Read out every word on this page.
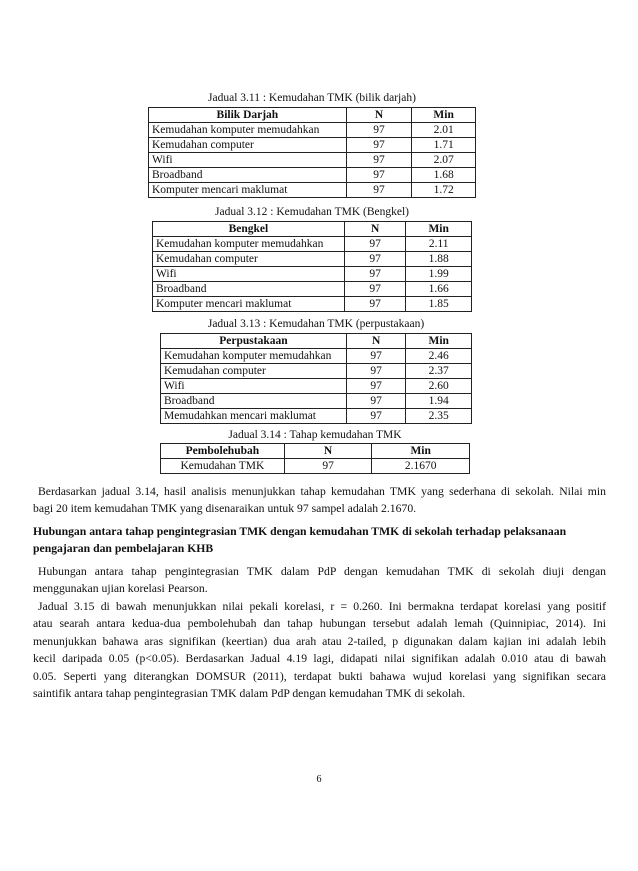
Jadual 3.11 : Kemudahan TMK (bilik darjah)
Bilik Darjah	N	Min
Kemudahan komputer memudahkan	97	2.01
Kemudahan computer	97	1.71
Wifi	97	2.07
Broadband	97	1.68
Komputer mencari maklumat	97	1.72
Jadual 3.12 : Kemudahan TMK (Bengkel)
Bengkel	N	Min
Kemudahan komputer memudahkan	97	2.11
Kemudahan computer	97	1.88
Wifi	97	1.99
Broadband	97	1.66
Komputer mencari maklumat	97	1.85
Jadual 3.13 : Kemudahan TMK (perpustakaan)
Perpustakaan	N	Min
Kemudahan komputer memudahkan	97	2.46
Kemudahan computer	97	2.37
Wifi	97	2.60
Broadband	97	1.94
Memudahkan mencari maklumat	97	2.35
Jadual 3.14 : Tahap kemudahan TMK
Pembolehubah	N	Min
Kemudahan TMK	97	2.1670
Berdasarkan jadual 3.14, hasil analisis menunjukkan tahap kemudahan TMK yang sederhana di sekolah. Nilai min
bagi 20 item kemudahan TMK yang disenaraikan untuk 97 sampel adalah 2.1670.
Hubungan antara tahap pengintegrasian TMK dengan kemudahan TMK di sekolah terhadap pelaksanaan
pengajaran dan pembelajaran KHB
Hubungan antara tahap pengintegrasian TMK dalam PdP dengan kemudahan TMK di sekolah diuji dengan
menggunakan ujian korelasi Pearson.
Jadual 3.15 di bawah menunjukkan nilai pekali korelasi, r = 0.260. Ini bermakna terdapat korelasi yang positif
atau searah antara kedua-dua pembolehubah dan tahap hubungan tersebut adalah lemah (Quinnipiac, 2014). Ini
menunjukkan bahawa aras signifikan (keertian) dua arah atau 2-tailed, p digunakan dalam kajian ini adalah lebih
kecil daripada 0.05 (p<0.05). Berdasarkan Jadual 4.19 lagi, didapati nilai signifikan adalah 0.010 atau di bawah
0.05. Seperti yang diterangkan DOMSUR (2011), terdapat bukti bahawa wujud korelasi yang signifikan secara
saintifik antara tahap pengintegrasian TMK dalam PdP dengan kemudahan TMK di sekolah.
6
